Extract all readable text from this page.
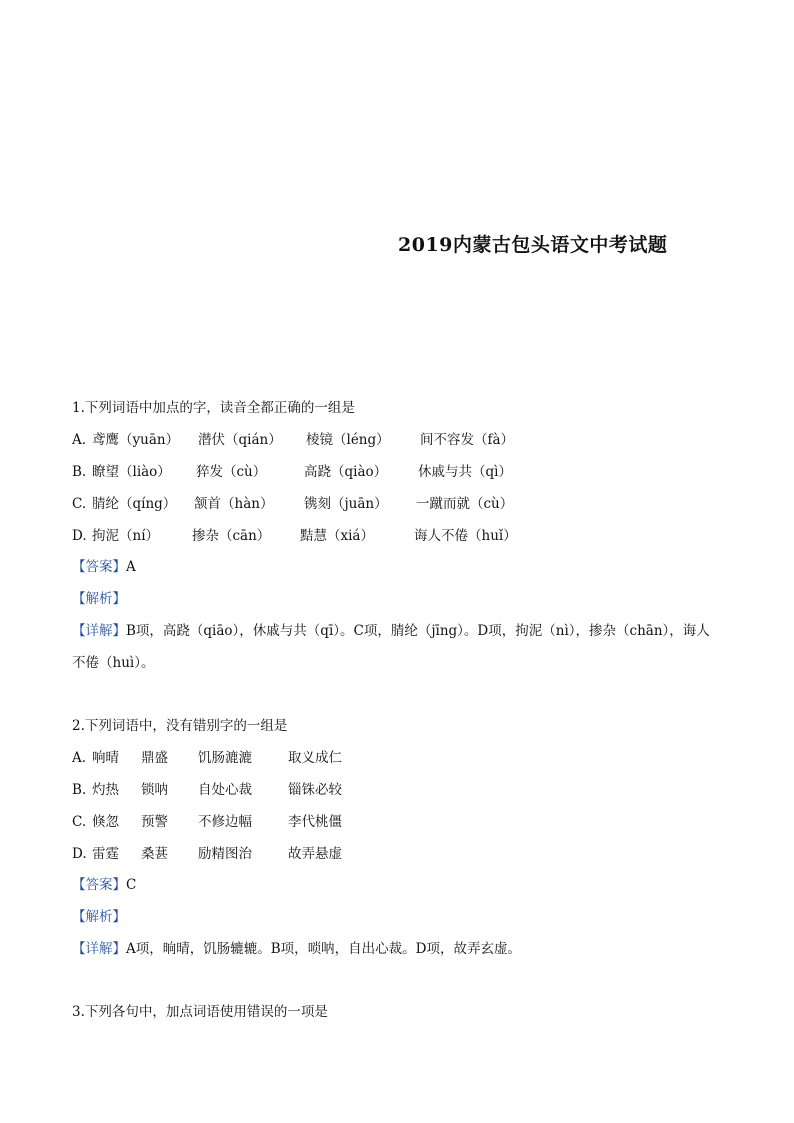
2019内蒙古包头语文中考试题
1.下列词语中加点的字，读音全都正确的一组是
A. 鸢鹰（yuān） 潜伏（qián） 棱镜（léng） 间不容发（fà）
B. 瞭望（liào） 猝发（cù）	高跷（qiào） 休戚与共（qì）
C. 腈纶（qíng） 颔首（hàn） 镌刻（juān） 一蹴而就（cù）
D. 拘泥（ní） 掺杂（cān） 黠慧（xiá）	诲人不倦（huǐ）
【答案】A
【解析】
【详解】B项，高跷（qiāo），休戚与共（qī）。C项，腈纶（jīng）。D项，拘泥（nì），掺杂（chān），诲人
不倦（huì）。
2.下列词语中，没有错别字的一组是
A. 响晴 鼎盛 饥肠漉漉	取义成仁
B. 灼热 锁呐 自处心裁	锱铢必较
C. 倏忽 预警 不修边幅	李代桃僵
D. 雷霆 桑葚 励精图治	故弄悬虚
【答案】C
【解析】
【详解】A项，晌晴，饥肠辘辘。B项，唢呐，自出心裁。D项，故弄玄虚。
3.下列各句中，加点词语使用错误的一项是
